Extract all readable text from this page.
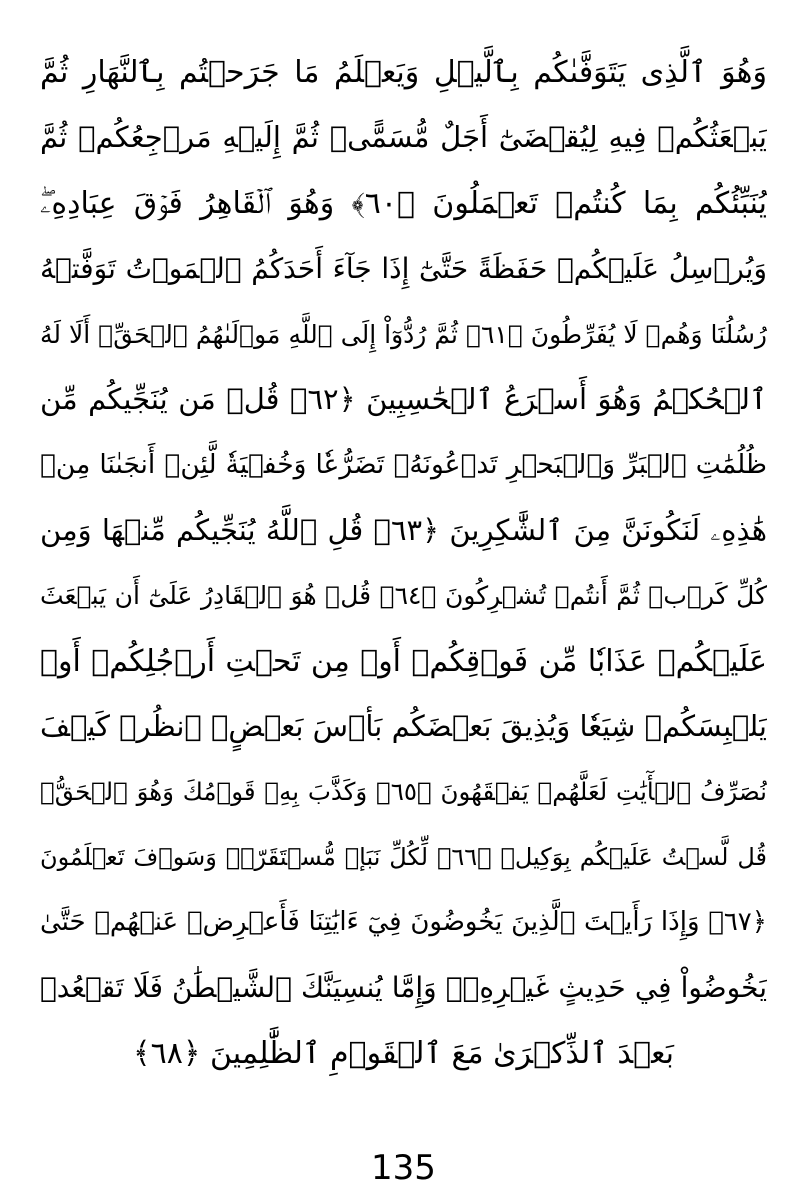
وَهُوَ ٱلَّذِى يَتَوَفَّىٰكُم بِٱلَّيۡلِ وَيَعۡلَمُ مَا جَرَحۡتُم بِٱلنَّهَارِ ثُمَّ
يَبۡعَثُكُمۡ فِيهِ لِيُقۡضَىٰٓ أَجَلٌ مُّسَمًّىۖ ثُمَّ إِلَيۡهِ مَرۡجِعُكُمۡ ثُمَّ
يُنَبِّئُكُم بِمَا كُنتُمۡ تَعۡمَلُونَ ﴿٦٠﴾ وَهُوَ ٱلۡقَاهِرُ فَوۡقَ عِبَادِهِۦۖ
وَيُرۡسِلُ عَلَيۡكُمۡ حَفَظَةً حَتَّىٰٓ إِذَا جَآءَ أَحَدَكُمُ ٱلۡمَوۡتُ تَوَفَّتۡهُ
رُسُلُنَا وَهُمۡ لَا يُفَرِّطُونَ ﴿٦١﴾ ثُمَّ رُدُّوٓاْ إِلَى ٱللَّهِ مَوۡلَىٰهُمُ ٱلۡحَقِّۚ أَلَا لَهُ
ٱلۡحُكۡمُ وَهُوَ أَسۡرَعُ ٱلۡحَٰسِبِينَ ﴿٦٢﴾ قُلۡ مَن يُنَجِّيكُم مِّن
ظُلُمَٰتِ ٱلۡبَرِّ وَٱلۡبَحۡرِ تَدۡعُونَهُۥ تَضَرُّعٗا وَخُفۡيَةٗ لَّئِنۡ أَنجَىٰنَا مِنۡ
هَٰذِهِۦ لَنَكُونَنَّ مِنَ ٱلشَّٰكِرِينَ ﴿٦٣﴾ قُلِ ٱللَّهُ يُنَجِّيكُم مِّنۡهَا وَمِن
كُلِّ كَرۡبٖ ثُمَّ أَنتُمۡ تُشۡرِكُونَ ﴿٦٤﴾ قُلۡ هُوَ ٱلۡقَادِرُ عَلَىٰٓ أَن يَبۡعَثَ
عَلَيۡكُمۡ عَذَابٗا مِّن فَوۡقِكُمۡ أَوۡ مِن تَحۡتِ أَرۡجُلِكُمۡ أَوۡ
يَلۡبِسَكُمۡ شِيَعٗا وَيُذِيقَ بَعۡضَكُم بَأۡسَ بَعۡضٍۗ ٱنظُرۡ كَيۡفَ
نُصَرِّفُ ٱلۡأٓيَٰتِ لَعَلَّهُمۡ يَفۡقَهُونَ ﴿٦٥﴾ وَكَذَّبَ بِهِۦ قَوۡمُكَ وَهُوَ ٱلۡحَقُّۚ
قُل لَّسۡتُ عَلَيۡكُم بِوَكِيلٖ ﴿٦٦﴾ لِّكُلِّ نَبَإٖ مُّسۡتَقَرّٞۚ وَسَوۡفَ تَعۡلَمُونَ
﴿٦٧﴾ وَإِذَا رَأَيۡتَ ٱلَّذِينَ يَخُوضُونَ فِيٓ ءَايَٰتِنَا فَأَعۡرِضۡ عَنۡهُمۡ حَتَّىٰ
يَخُوضُواْ فِي حَدِيثٍ غَيۡرِهِۦۚ وَإِمَّا يُنسِيَنَّكَ ٱلشَّيۡطَٰنُ فَلَا تَقۡعُدۡ
بَعۡدَ ٱلذِّكۡرَىٰ مَعَ ٱلۡقَوۡمِ ٱلظَّٰلِمِينَ ﴿٦٨﴾
135
